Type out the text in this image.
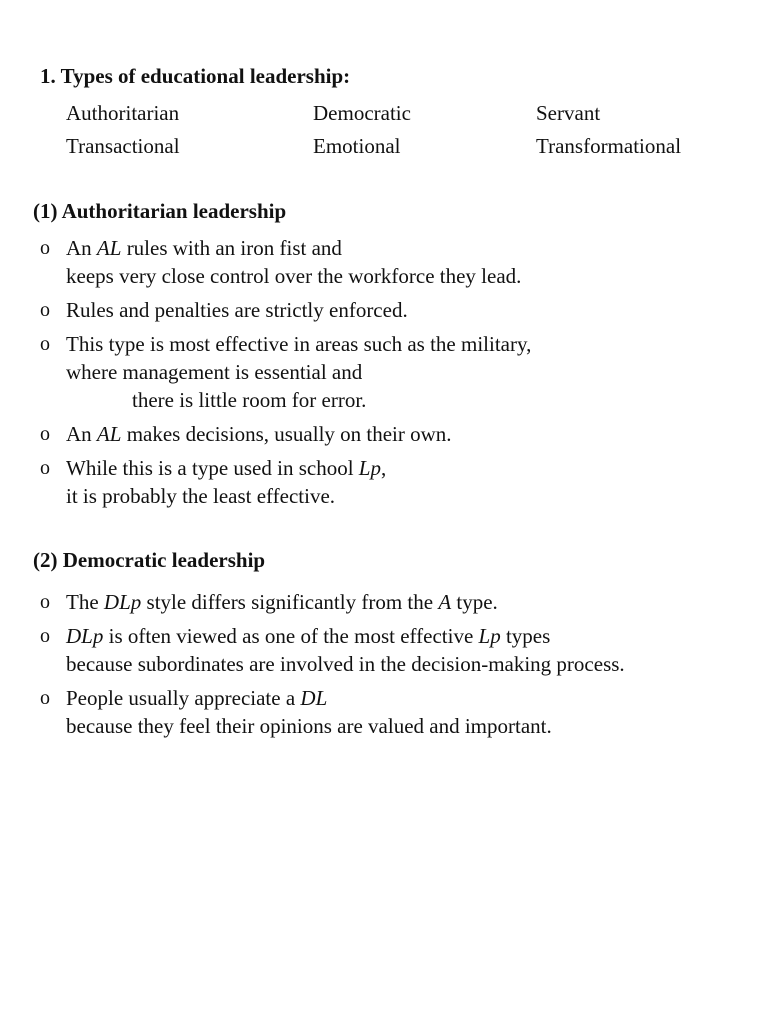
1. Types of educational leadership:
Authoritarian	Democratic	Servant
Transactional	Emotional	Transformational
(1) Authoritarian leadership
o An AL rules with an iron fist and
keeps very close control over the workforce they lead.
o Rules and penalties are strictly enforced.
o This type is most effective in areas such as the military,
where management is essential and
there is little room for error.
o An AL makes decisions, usually on their own.
o While this is a type used in school Lp,
it is probably the least effective.
(2) Democratic leadership
o The DLp style differs significantly from the A type.
o DLp is often viewed as one of the most effective Lp types
because subordinates are involved in the decision-making process.
o People usually appreciate a DL
because they feel their opinions are valued and important.
